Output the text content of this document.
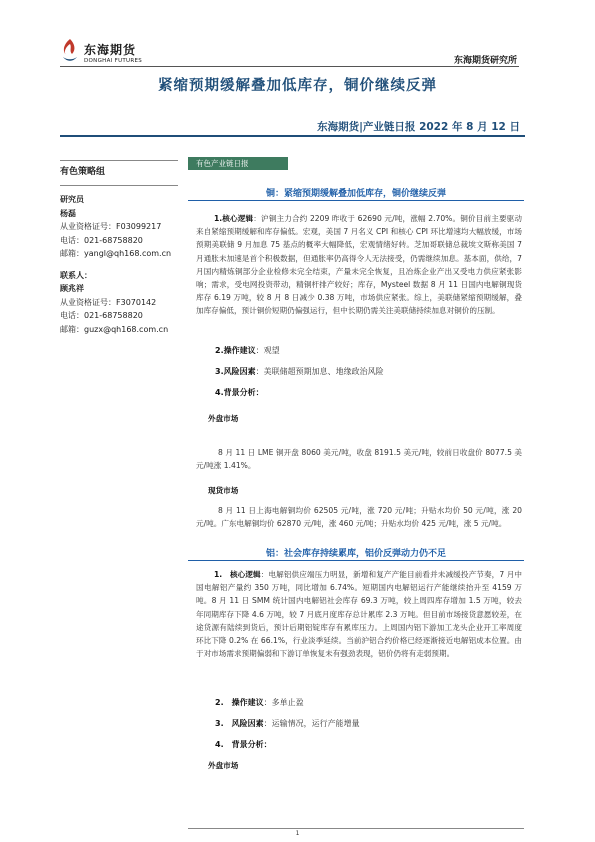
东海期货
DONGHAI FUTURES	东海期货研究所
紧缩预期缓解叠加低库存，铜价继续反弹
东海期货|产业链日报 2022 年 8 月 12 日
有色策略组
研究员
杨磊
从业资格证号：F03099217
电话：021-68758820
邮箱：yangl@qh168.com.cn
联系人：
顾兆祥
从业资格证号：F3070142
电话：021-68758820
邮箱：guzx@qh168.com.cn
有色产业链日报
铜：紧缩预期缓解叠加低库存，铜价继续反弹
1.核心逻辑：沪铜主力合约 2209 昨收于 62690 元/吨，涨幅 2.70%。铜价目前主要驱动来自紧缩预期缓解和库存偏低。宏观，美国 7 月名义 CPI 和核心 CPI 环比增速均大幅放缓，市场预期美联储 9 月加息 75 基点的概率大幅降低，宏观情绪好转。芝加哥联储总裁埃文斯称美国 7 月通胀未加速是首个积极数据，但通胀率仍高得令人无法接受，仍需继续加息。基本面，供给，7 月国内精炼铜部分企业检修未完全结束，产量未完全恢复，且冶炼企业产出又受电力供应紧张影响；需求，受电网投资带动，精铜杆排产较好；库存，Mysteel 数据 8 月 11 日国内电解铜现货库存 6.19 万吨，较 8 月 8 日减少 0.38 万吨，市场供应紧张。综上，美联储紧缩预期缓解，叠加库存偏低，预计铜价短期仍偏强运行，但中长期仍需关注美联储持续加息对铜价的压制。
2.操作建议：观望
3.风险因素：美联储超预期加息、地缘政治风险
4.背景分析：
外盘市场
8 月 11 日 LME 铜开盘 8060 美元/吨，收盘 8191.5 美元/吨，较前日收盘价 8077.5 美元/吨涨 1.41%。
现货市场
8 月 11 日上海电解铜均价 62505 元/吨，涨 720 元/吨；升贴水均价 50 元/吨，涨 20 元/吨。广东电解铜均价 62870 元/吨，涨 460 元/吨；升贴水均价 425 元/吨，涨 5 元/吨。
铝：社会库存持续累库，铝价反弹动力仍不足
1.　核心逻辑：电解铝供应端压力明显，新增和复产产能目前看并未减缓投产节奏，7 月中国电解铝产量约 350 万吨，同比增加 6.74%。短期国内电解铝运行产能继续抬升至 4159 万吨。8 月 11 日 SMM 统计国内电解铝社会库存 69.3 万吨，较上周四库存增加 1.5 万吨，较去年同期库存下降 4.6 万吨，较 7 月底月度库存总计累库 2.3 万吨。但目前市场接货意愿较差，在途货源有陆续到货后，预计后期铝锭库存有累库压力。上周国内铝下游加工龙头企业开工率周度环比下降 0.2% 在 66.1%，行业淡季延续。当前沪铝合约价格已经逐渐接近电解铝成本位置。由于对市场需求预期偏弱和下游订单恢复未有强劲表现，铝价仍将有走弱预期。
2.　操作建议：多单止盈
3.　风险因素：运输情况，运行产能增量
4.　背景分析：
外盘市场
1
